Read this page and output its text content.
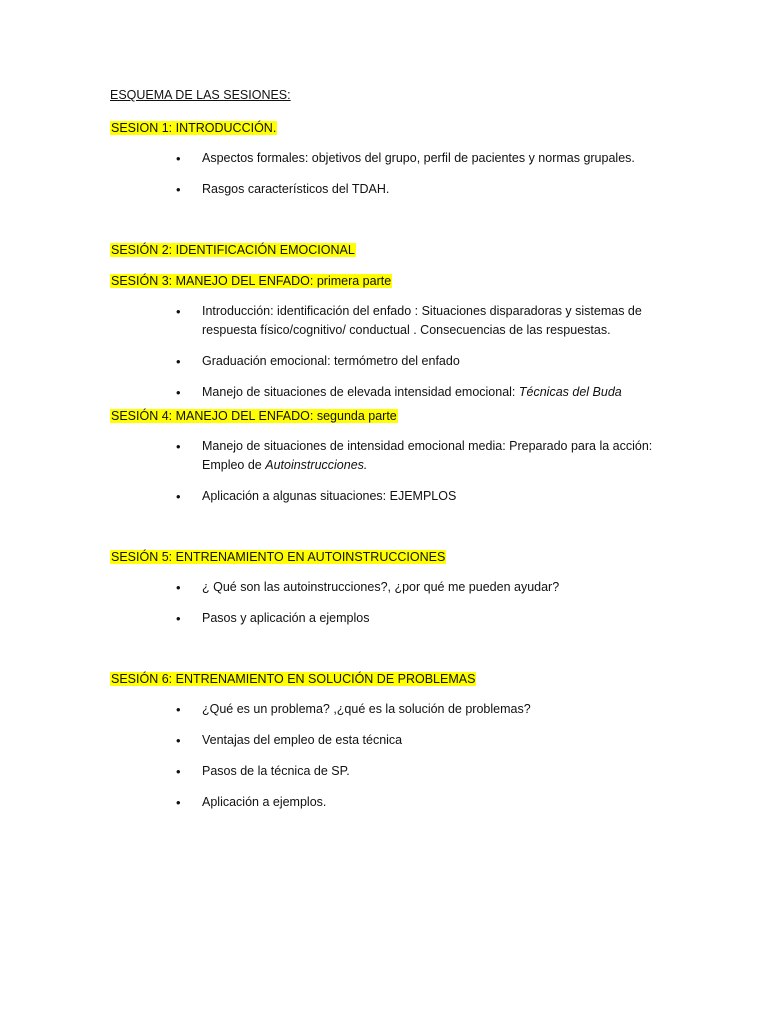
ESQUEMA DE LAS SESIONES:

SESION 1: INTRODUCCIÓN.

• Aspectos formales: objetivos del grupo, perfil de pacientes y normas grupales.
• Rasgos característicos del TDAH.

SESIÓN 2: IDENTIFICACIÓN EMOCIONAL

SESIÓN 3: MANEJO DEL ENFADO: primera parte

• Introducción: identificación del enfado : Situaciones disparadoras y sistemas de respuesta físico/cognitivo/ conductual . Consecuencias de las respuestas.
• Graduación emocional: termómetro del enfado
• Manejo de situaciones de elevada intensidad emocional: Técnicas del Buda

SESIÓN 4: MANEJO DEL ENFADO: segunda parte

• Manejo de situaciones de intensidad emocional media: Preparado para la acción: Empleo de Autoinstrucciones.
• Aplicación a algunas situaciones: EJEMPLOS

SESIÓN 5: ENTRENAMIENTO EN AUTOINSTRUCCIONES

• ¿ Qué son las autoinstrucciones?, ¿por qué me pueden ayudar?
• Pasos y aplicación a ejemplos

SESIÓN 6: ENTRENAMIENTO EN SOLUCIÓN DE PROBLEMAS

• ¿Qué es un problema? ,¿qué es la solución de problemas?
• Ventajas del empleo de esta técnica
• Pasos de la técnica de SP.
• Aplicación a ejemplos.
